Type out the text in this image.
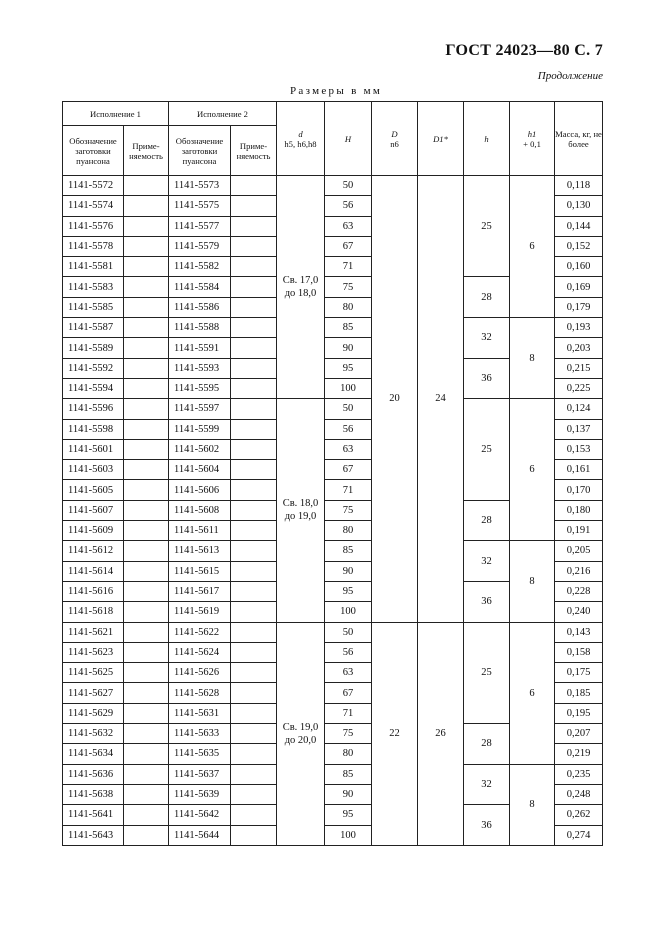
ГОСТ 24023—80 С. 7
Продолжение
Размеры в мм
Исполнение 1		Исполнение 2		d
h5, h6,h8	H	D
n6	D1*	h	h1
+ 0,1	Масса, кг, не более
Обозначение заготовки пуансона	Приме- няемость	Обозначение заготовки пуансона	Приме- няемость							
1141-5572		1141-5573		Св. 17,0 до 18,0	50	20	24	25	6	0,118
1141-5574		1141-5575			56					0,130
1141-5576		1141-5577			63					0,144
1141-5578		1141-5579			67					0,152
1141-5581		1141-5582			71					0,160
1141-5583		1141-5584			75			28		0,169
1141-5585		1141-5586			80					0,179
1141-5587		1141-5588			85			32	8	0,193
1141-5589		1141-5591			90					0,203
1141-5592		1141-5593			95			36		0,215
1141-5594		1141-5595			100					0,225
1141-5596		1141-5597		Св. 18,0 до 19,0	50			25	6	0,124
1141-5598		1141-5599			56					0,137
1141-5601		1141-5602			63					0,153
1141-5603		1141-5604			67					0,161
1141-5605		1141-5606			71					0,170
1141-5607		1141-5608			75			28		0,180
1141-5609		1141-5611			80					0,191
1141-5612		1141-5613			85			32	8	0,205
1141-5614		1141-5615			90					0,216
1141-5616		1141-5617			95			36		0,228
1141-5618		1141-5619			100					0,240
1141-5621		1141-5622		Св. 19,0 до 20,0	50	22	26	25	6	0,143
1141-5623		1141-5624			56					0,158
1141-5625		1141-5626			63					0,175
1141-5627		1141-5628			67					0,185
1141-5629		1141-5631			71					0,195
1141-5632		1141-5633			75			28		0,207
1141-5634		1141-5635			80					0,219
1141-5636		1141-5637			85			32	8	0,235
1141-5638		1141-5639			90					0,248
1141-5641		1141-5642			95			36		0,262
1141-5643		1141-5644			100					0,274
